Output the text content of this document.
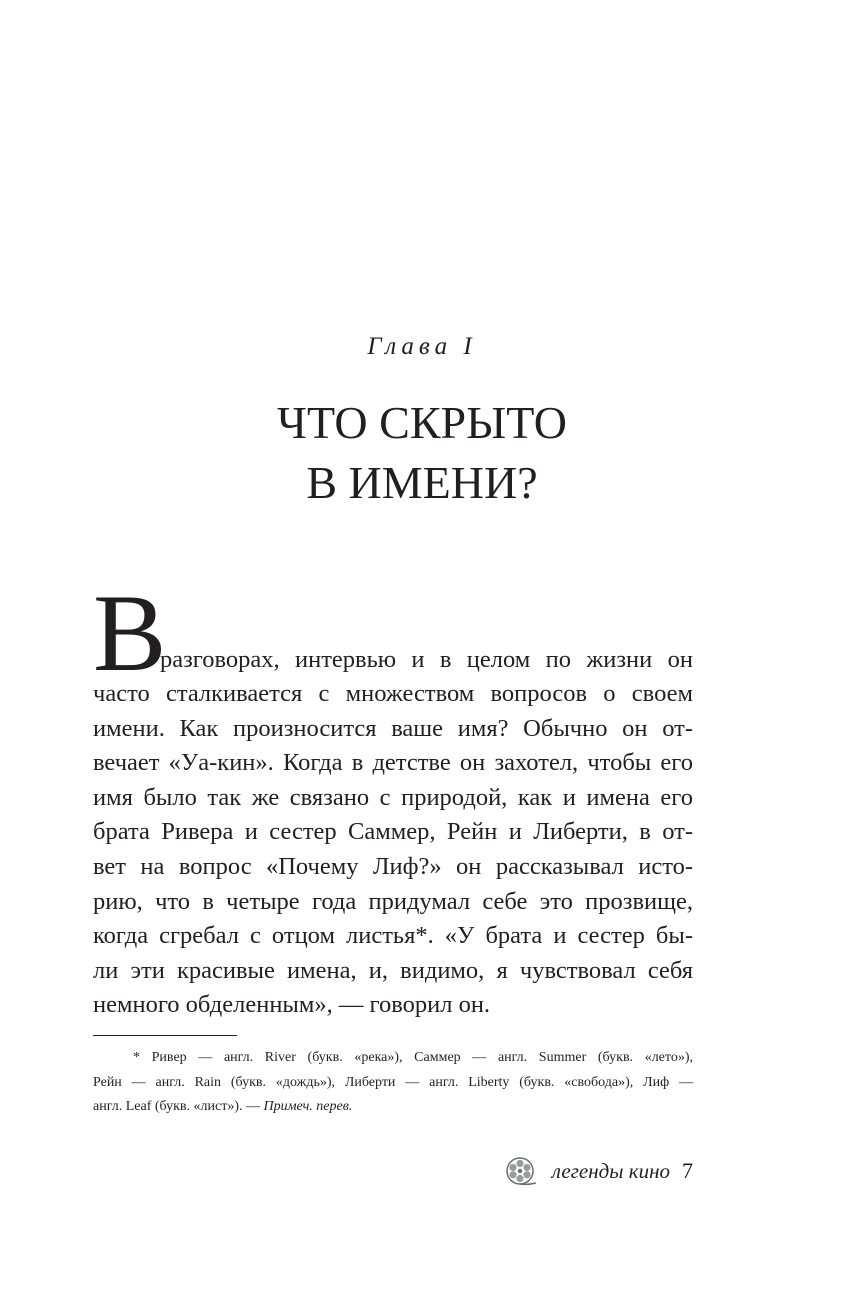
Глава I
ЧТО СКРЫТО
В ИМЕНИ?
В
разговорах, интервью и в целом по жизни он
часто сталкивается с множеством вопросов о своем
имени. Как произносится ваше имя? Обычно он от-
вечает «Уа-кин». Когда в детстве он захотел, чтобы его
имя было так же связано с природой, как и имена его
брата Ривера и сестер Саммер, Рейн и Либерти, в от-
вет на вопрос «Почему Лиф?» он рассказывал исто-
рию, что в четыре года придумал себе это прозвище,
когда сгребал с отцом листья*. «У брата и сестер бы-
ли эти красивые имена, и, видимо, я чувствовал себя
немного обделенным», — говорил он.
* Ривер — англ. River (букв. «река»), Саммер — англ. Summer (букв. «лето»),
Рейн — англ. Rain (букв. «дождь»), Либерти — англ. Liberty (букв. «свобода»), Лиф —
англ. Leaf (букв. «лист»). — Примеч. перев.
легенды кино 7
